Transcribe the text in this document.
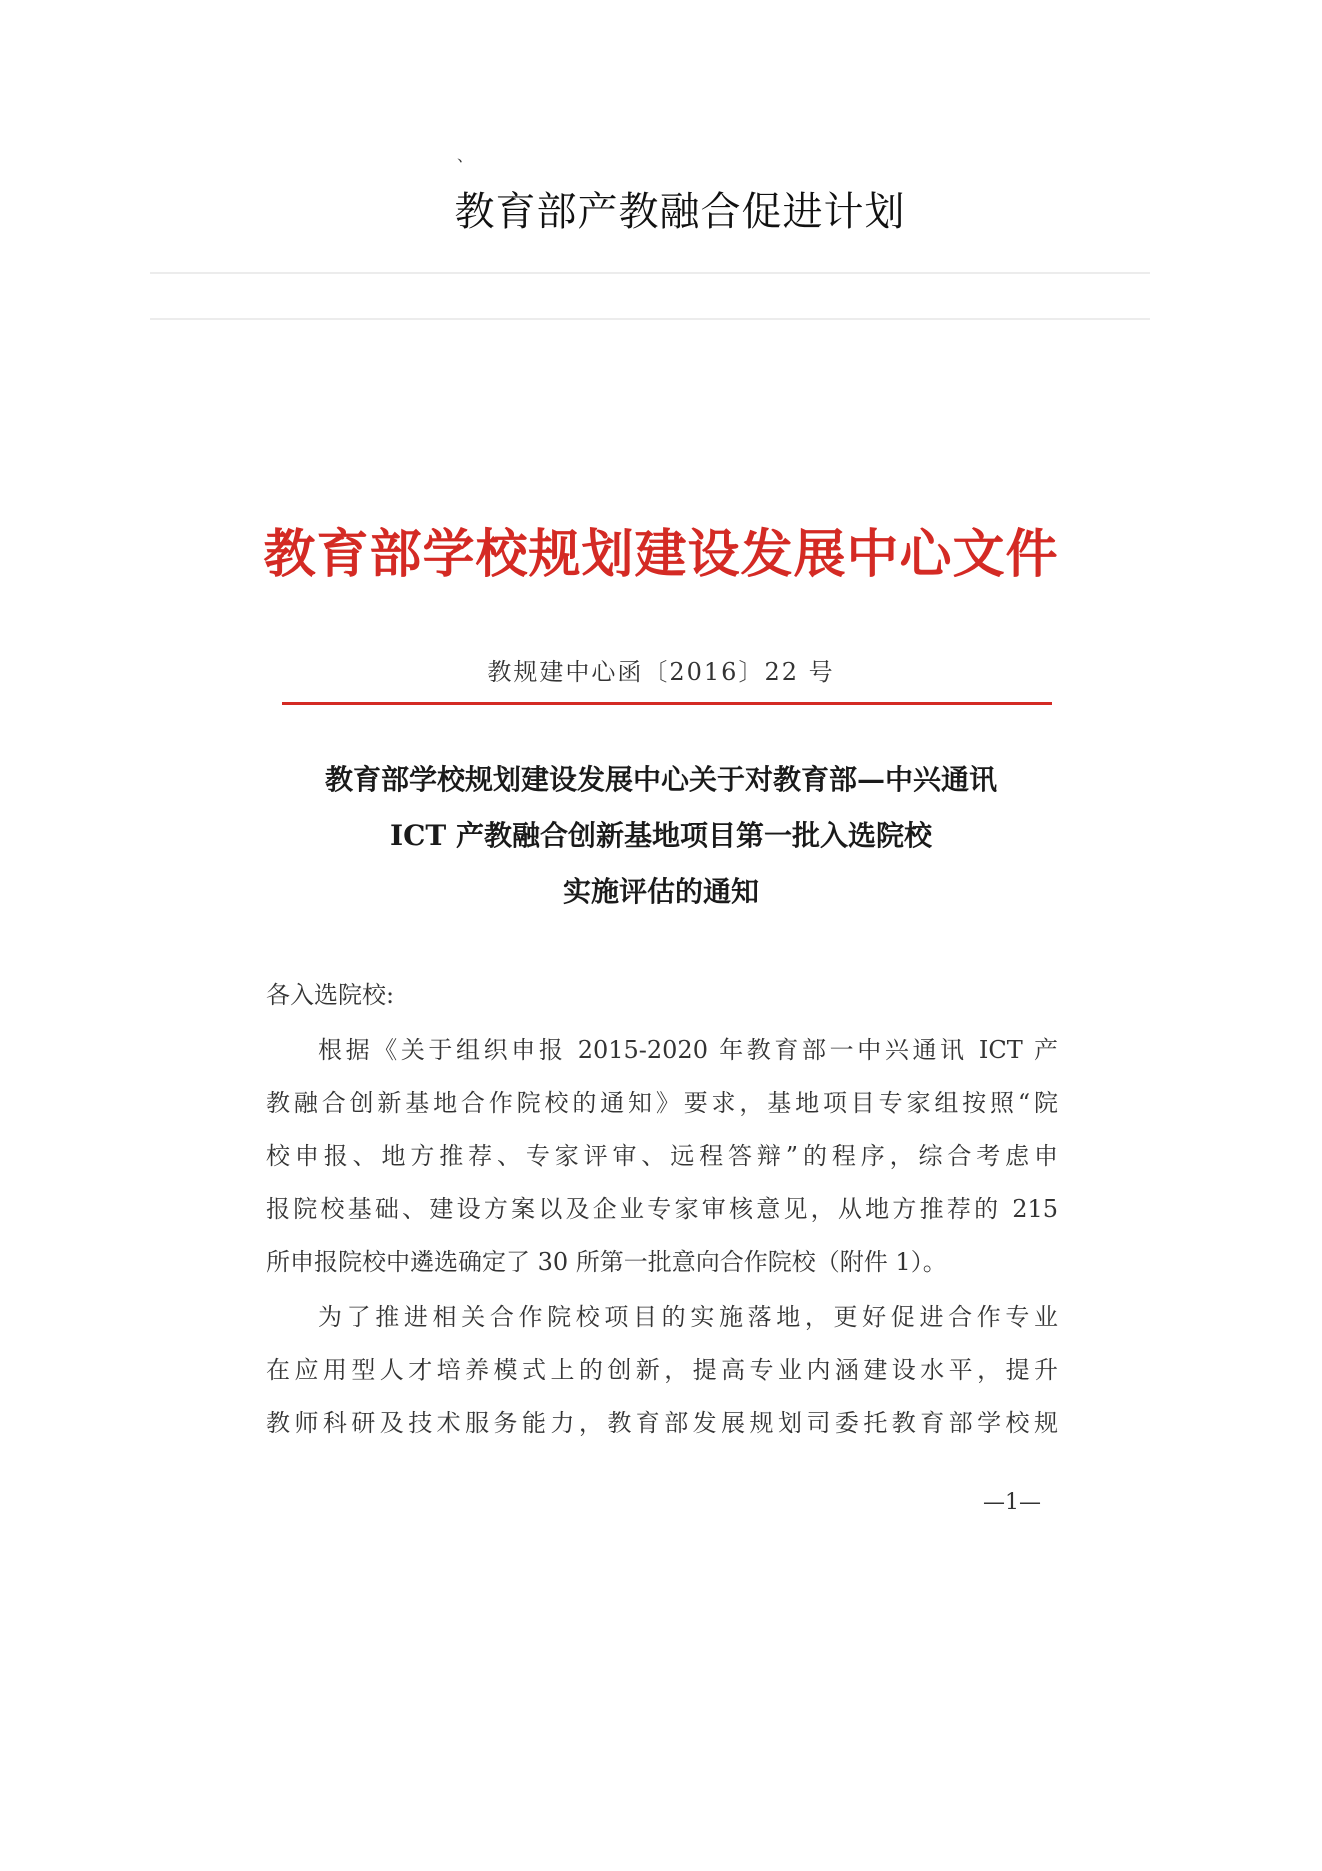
、
教育部产教融合促进计划
教育部学校规划建设发展中心文件
教规建中心函〔2016〕22 号
教育部学校规划建设发展中心关于对教育部—中兴通讯
ICT 产教融合创新基地项目第一批入选院校
实施评估的通知
各入选院校:
根据《关于组织申报 2015-2020 年教育部一中兴通讯 ICT 产
教融合创新基地合作院校的通知》要求，基地项目专家组按照“院
校申报、地方推荐、专家评审、远程答辩”的程序，综合考虑申
报院校基础、建设方案以及企业专家审核意见，从地方推荐的 215
所申报院校中遴选确定了 30 所第一批意向合作院校（附件 1）。
为了推进相关合作院校项目的实施落地，更好促进合作专业
在应用型人才培养模式上的创新，提高专业内涵建设水平，提升
教师科研及技术服务能力，教育部发展规划司委托教育部学校规
—1—
